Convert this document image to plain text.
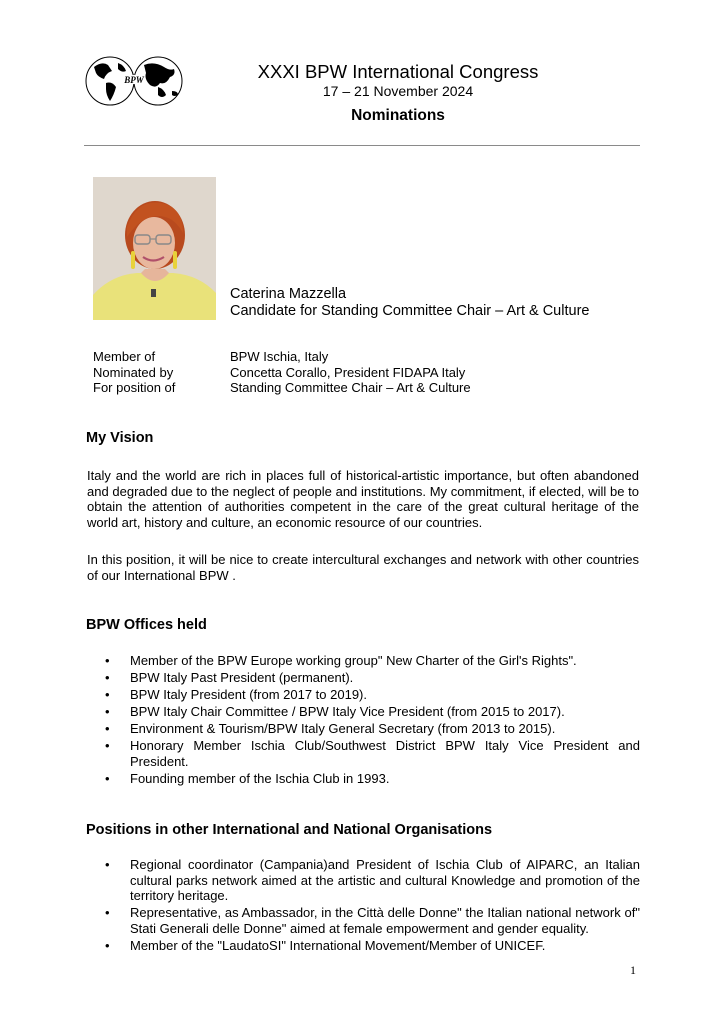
BPW	XXXI BPW International Congress
17 – 21 November 2024
Nominations
Caterina Mazzella
Candidate for Standing Committee Chair – Art & Culture
Member of	BPW Ischia, Italy
Nominated by	Concetta Corallo, President FIDAPA Italy
For position of	Standing Committee Chair – Art & Culture
My Vision
Italy and the world are rich in places full of historical-artistic importance, but often abandoned and degraded due to the neglect of people and institutions. My commitment, if elected, will be to obtain the attention of authorities competent in the care of the great cultural heritage of the world art, history and culture, an economic resource of our countries.
In this position, it will be nice to create intercultural exchanges and network with other countries of our International BPW .
BPW Offices held
• Member of the BPW Europe working group" New Charter of the Girl's Rights".
• BPW Italy Past President (permanent).
• BPW Italy President (from 2017 to 2019).
• BPW Italy Chair Committee / BPW Italy Vice President (from 2015 to 2017).
• Environment & Tourism/BPW Italy General Secretary (from 2013 to 2015).
• Honorary Member Ischia Club/Southwest District BPW Italy Vice President and President.
• Founding member of the Ischia Club in 1993.
Positions in other International and National Organisations
• Regional coordinator (Campania)and President of Ischia Club of AIPARC, an Italian cultural parks network aimed at the artistic and cultural Knowledge and promotion of the territory heritage.
• Representative, as Ambassador, in the Città delle Donne" the Italian national network of" Stati Generali delle Donne" aimed at female empowerment and gender equality.
• Member of the "LaudatoSI" International Movement/Member of UNICEF.
1
